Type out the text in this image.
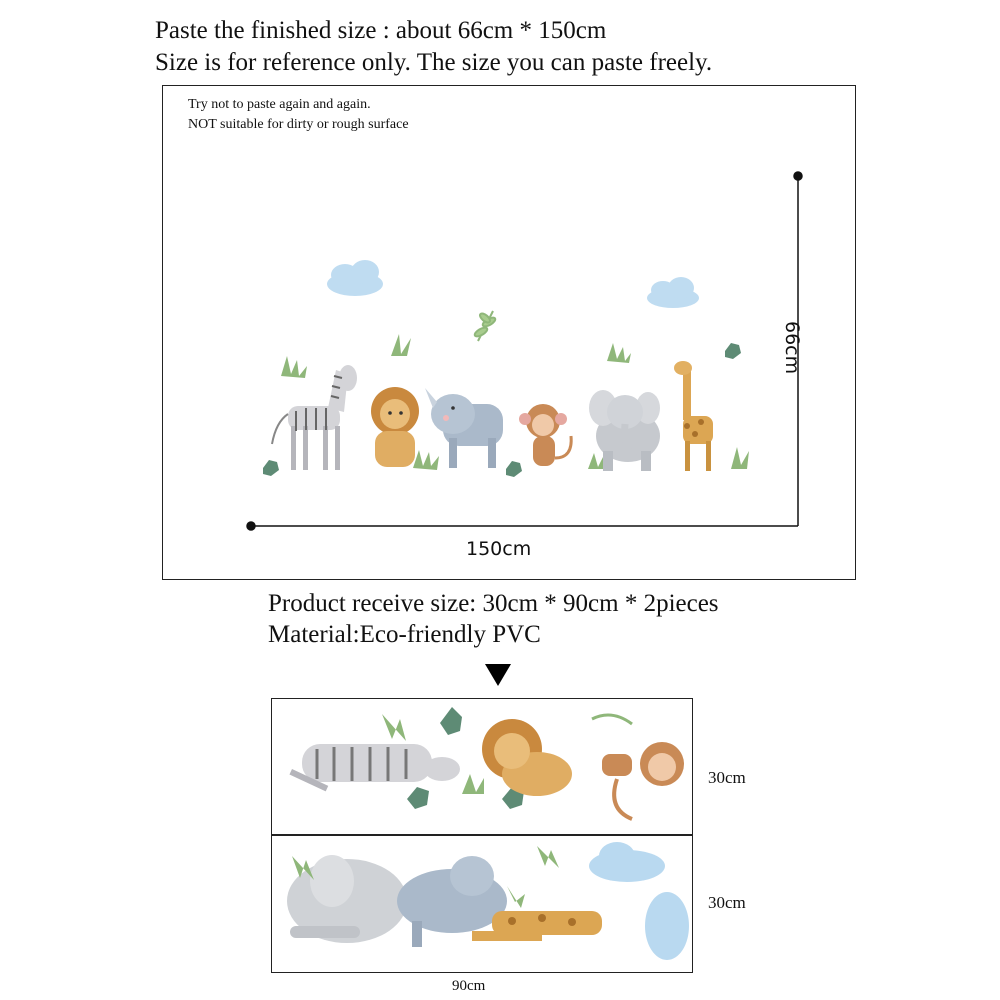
Paste the finished size : about 66cm * 150cm
Size is for reference only. The size you can paste freely.
Try not to paste again and again.
NOT suitable for dirty or rough surface
150cm
66cm
Product receive size: 30cm * 90cm * 2pieces
Material:Eco-friendly PVC
30cm
30cm
90cm
